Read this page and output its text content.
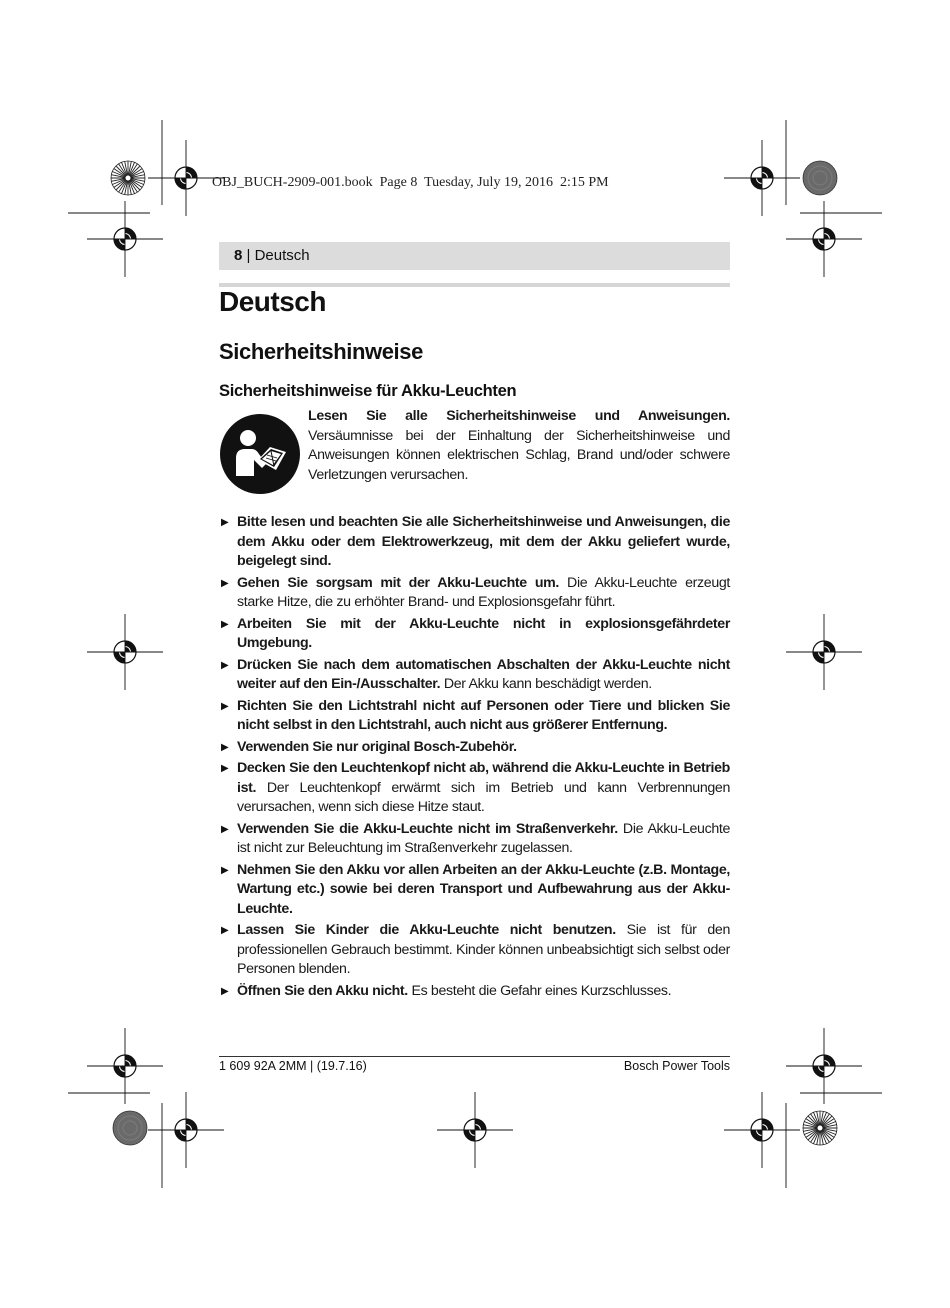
OBJ_BUCH-2909-001.book  Page 8  Tuesday, July 19, 2016  2:15 PM
8 | Deutsch
Deutsch
Sicherheitshinweise
Sicherheitshinweise für Akku-Leuchten
Lesen Sie alle Sicherheitshinweise und Anweisungen. Versäumnisse bei der Einhaltung der Sicherheitshinweise und Anweisungen können elektrischen Schlag, Brand und/oder schwere Verletzungen verursachen.
▶ Bitte lesen und beachten Sie alle Sicherheitshinweise und Anweisungen, die dem Akku oder dem Elektrowerkzeug, mit dem der Akku geliefert wurde, beigelegt sind.
▶ Gehen Sie sorgsam mit der Akku-Leuchte um. Die Akku-Leuchte erzeugt starke Hitze, die zu erhöhter Brand- und Explosionsgefahr führt.
▶ Arbeiten Sie mit der Akku-Leuchte nicht in explosionsgefährdeter Umgebung.
▶ Drücken Sie nach dem automatischen Abschalten der Akku-Leuchte nicht weiter auf den Ein-/Ausschalter. Der Akku kann beschädigt werden.
▶ Richten Sie den Lichtstrahl nicht auf Personen oder Tiere und blicken Sie nicht selbst in den Lichtstrahl, auch nicht aus größerer Entfernung.
▶ Verwenden Sie nur original Bosch-Zubehör.
▶ Decken Sie den Leuchtenkopf nicht ab, während die Akku-Leuchte in Betrieb ist. Der Leuchtenkopf erwärmt sich im Betrieb und kann Verbrennungen verursachen, wenn sich diese Hitze staut.
▶ Verwenden Sie die Akku-Leuchte nicht im Straßenverkehr. Die Akku-Leuchte ist nicht zur Beleuchtung im Straßenverkehr zugelassen.
▶ Nehmen Sie den Akku vor allen Arbeiten an der Akku-Leuchte (z.B. Montage, Wartung etc.) sowie bei deren Transport und Aufbewahrung aus der Akku-Leuchte.
▶ Lassen Sie Kinder die Akku-Leuchte nicht benutzen. Sie ist für den professionellen Gebrauch bestimmt. Kinder können unbeabsichtigt sich selbst oder Personen blenden.
▶ Öffnen Sie den Akku nicht. Es besteht die Gefahr eines Kurzschlusses.
1 609 92A 2MM | (19.7.16)	Bosch Power Tools
